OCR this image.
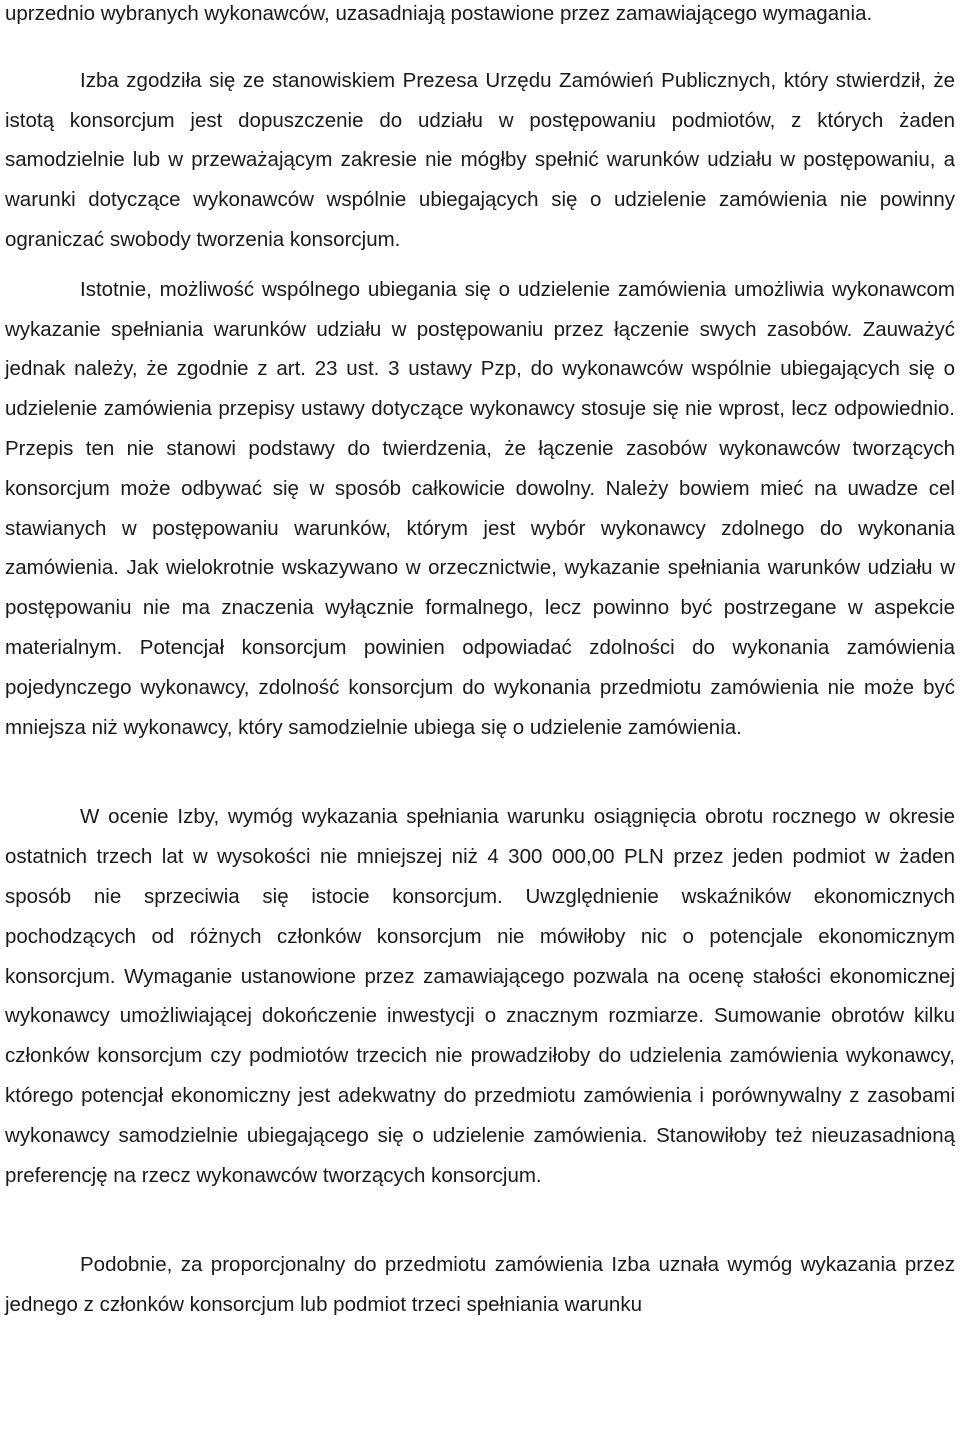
uprzednio wybranych wykonawców, uzasadniają postawione przez zamawiającego wymagania.

Izba zgodziła się ze stanowiskiem Prezesa Urzędu Zamówień Publicznych, który stwierdził, że istotą konsorcjum jest dopuszczenie do udziału w postępowaniu podmiotów, z których żaden samodzielnie lub w przeważającym zakresie nie mógłby spełnić warunków udziału w postępowaniu, a warunki dotyczące wykonawców wspólnie ubiegających się o udzielenie zamówienia nie powinny ograniczać swobody tworzenia konsorcjum.

Istotnie, możliwość wspólnego ubiegania się o udzielenie zamówienia umożliwia wykonawcom wykazanie spełniania warunków udziału w postępowaniu przez łączenie swych zasobów. Zauważyć jednak należy, że zgodnie z art. 23 ust. 3 ustawy Pzp, do wykonawców wspólnie ubiegających się o udzielenie zamówienia przepisy ustawy dotyczące wykonawcy stosuje się nie wprost, lecz odpowiednio. Przepis ten nie stanowi podstawy do twierdzenia, że łączenie zasobów wykonawców tworzących konsorcjum może odbywać się w sposób całkowicie dowolny. Należy bowiem mieć na uwadze cel stawianych w postępowaniu warunków, którym jest wybór wykonawcy zdolnego do wykonania zamówienia. Jak wielokrotnie wskazywano w orzecznictwie, wykazanie spełniania warunków udziału w postępowaniu nie ma znaczenia wyłącznie formalnego, lecz powinno być postrzegane w aspekcie materialnym. Potencjał konsorcjum powinien odpowiadać zdolności do wykonania zamówienia pojedynczego wykonawcy, zdolność konsorcjum do wykonania przedmiotu zamówienia nie może być mniejsza niż wykonawcy, który samodzielnie ubiega się o udzielenie zamówienia.

W ocenie Izby, wymóg wykazania spełniania warunku osiągnięcia obrotu rocznego w okresie ostatnich trzech lat w wysokości nie mniejszej niż 4 300 000,00 PLN przez jeden podmiot w żaden sposób nie sprzeciwia się istocie konsorcjum. Uwzględnienie wskaźników ekonomicznych pochodzących od różnych członków konsorcjum nie mówiłoby nic o potencjale ekonomicznym konsorcjum. Wymaganie ustanowione przez zamawiającego pozwala na ocenę stałości ekonomicznej wykonawcy umożliwiającej dokończenie inwestycji o znacznym rozmiarze. Sumowanie obrotów kilku członków konsorcjum czy podmiotów trzecich nie prowadziłoby do udzielenia zamówienia wykonawcy, którego potencjał ekonomiczny jest adekwatny do przedmiotu zamówienia i porównywalny z zasobami wykonawcy samodzielnie ubiegającego się o udzielenie zamówienia. Stanowiłoby też nieuzasadnioną preferencję na rzecz wykonawców tworzących konsorcjum.

Podobnie, za proporcjonalny do przedmiotu zamówienia Izba uznała wymóg wykazania przez jednego z członków konsorcjum lub podmiot trzeci spełniania warunku
